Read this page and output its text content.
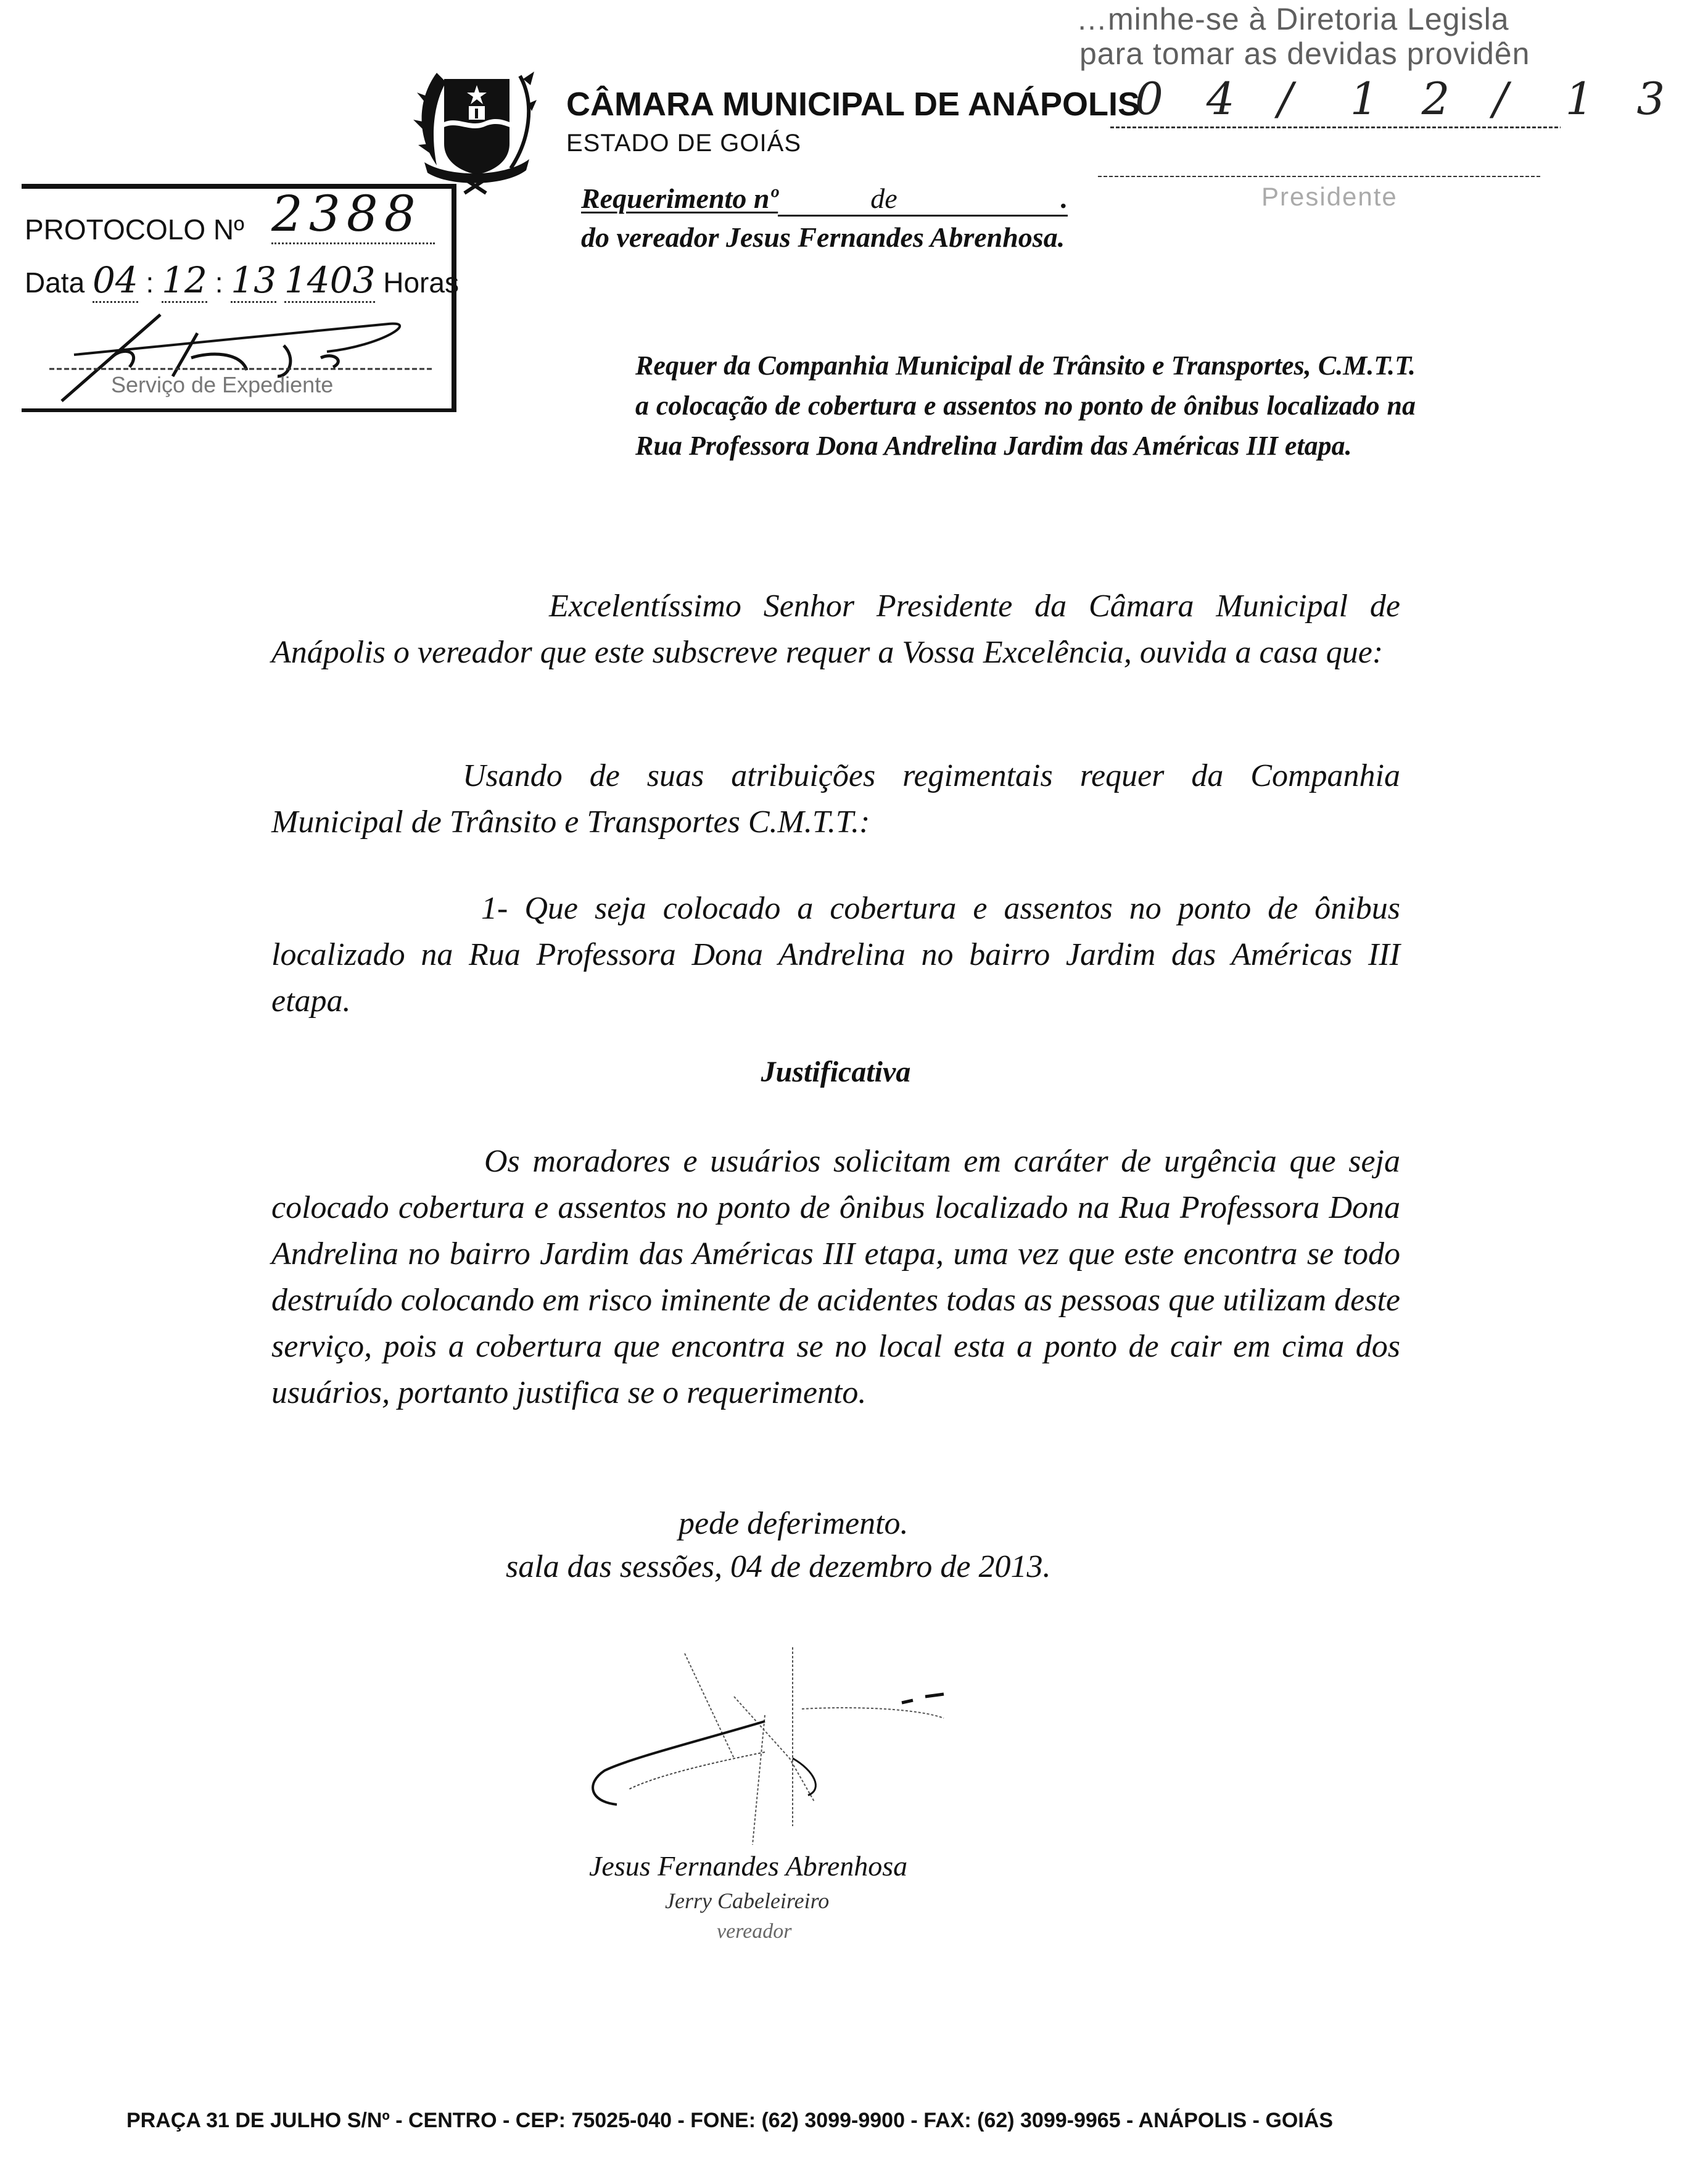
…minhe-se à Diretoria Legisla
para tomar as devidas providên
04/ 12/ 13
Presidente
CÂMARA MUNICIPAL DE ANÁPOLIS
ESTADO DE GOIÁS
Requerimento nº	de	.
do vereador Jesus Fernandes Abrenhosa.
PROTOCOLO Nº 2388
Data 04 : 12 : 13 1403 Horas
Serviço de Expediente
Requer da Companhia Municipal de Trânsito e Transportes, C.M.T.T. a colocação de cobertura e assentos no ponto de ônibus localizado na Rua Professora Dona Andrelina Jardim das Américas III etapa.
Excelentíssimo Senhor Presidente da Câmara Municipal de Anápolis o vereador que este subscreve requer a Vossa Excelência, ouvida a casa que:
Usando de suas atribuições regimentais requer da Companhia Municipal de Trânsito e Transportes C.M.T.T.:
1- Que seja colocado a cobertura e assentos no ponto de ônibus localizado na Rua Professora Dona Andrelina no bairro Jardim das Américas III etapa.
Justificativa
Os moradores e usuários solicitam em caráter de urgência que seja colocado cobertura e assentos no ponto de ônibus localizado na Rua Professora Dona Andrelina no bairro Jardim das Américas III etapa, uma vez que este encontra se todo destruído colocando em risco iminente de acidentes todas as pessoas que utilizam deste serviço, pois a cobertura que encontra se no local esta a ponto de cair em cima dos usuários, portanto justifica se o requerimento.
pede deferimento.
sala das sessões, 04 de dezembro de 2013.
Jesus Fernandes Abrenhosa
Jerry Cabeleireiro
vereador
PRAÇA 31 DE JULHO S/Nº - CENTRO - CEP: 75025-040 - FONE: (62) 3099-9900 - FAX: (62) 3099-9965 - ANÁPOLIS - GOIÁS
